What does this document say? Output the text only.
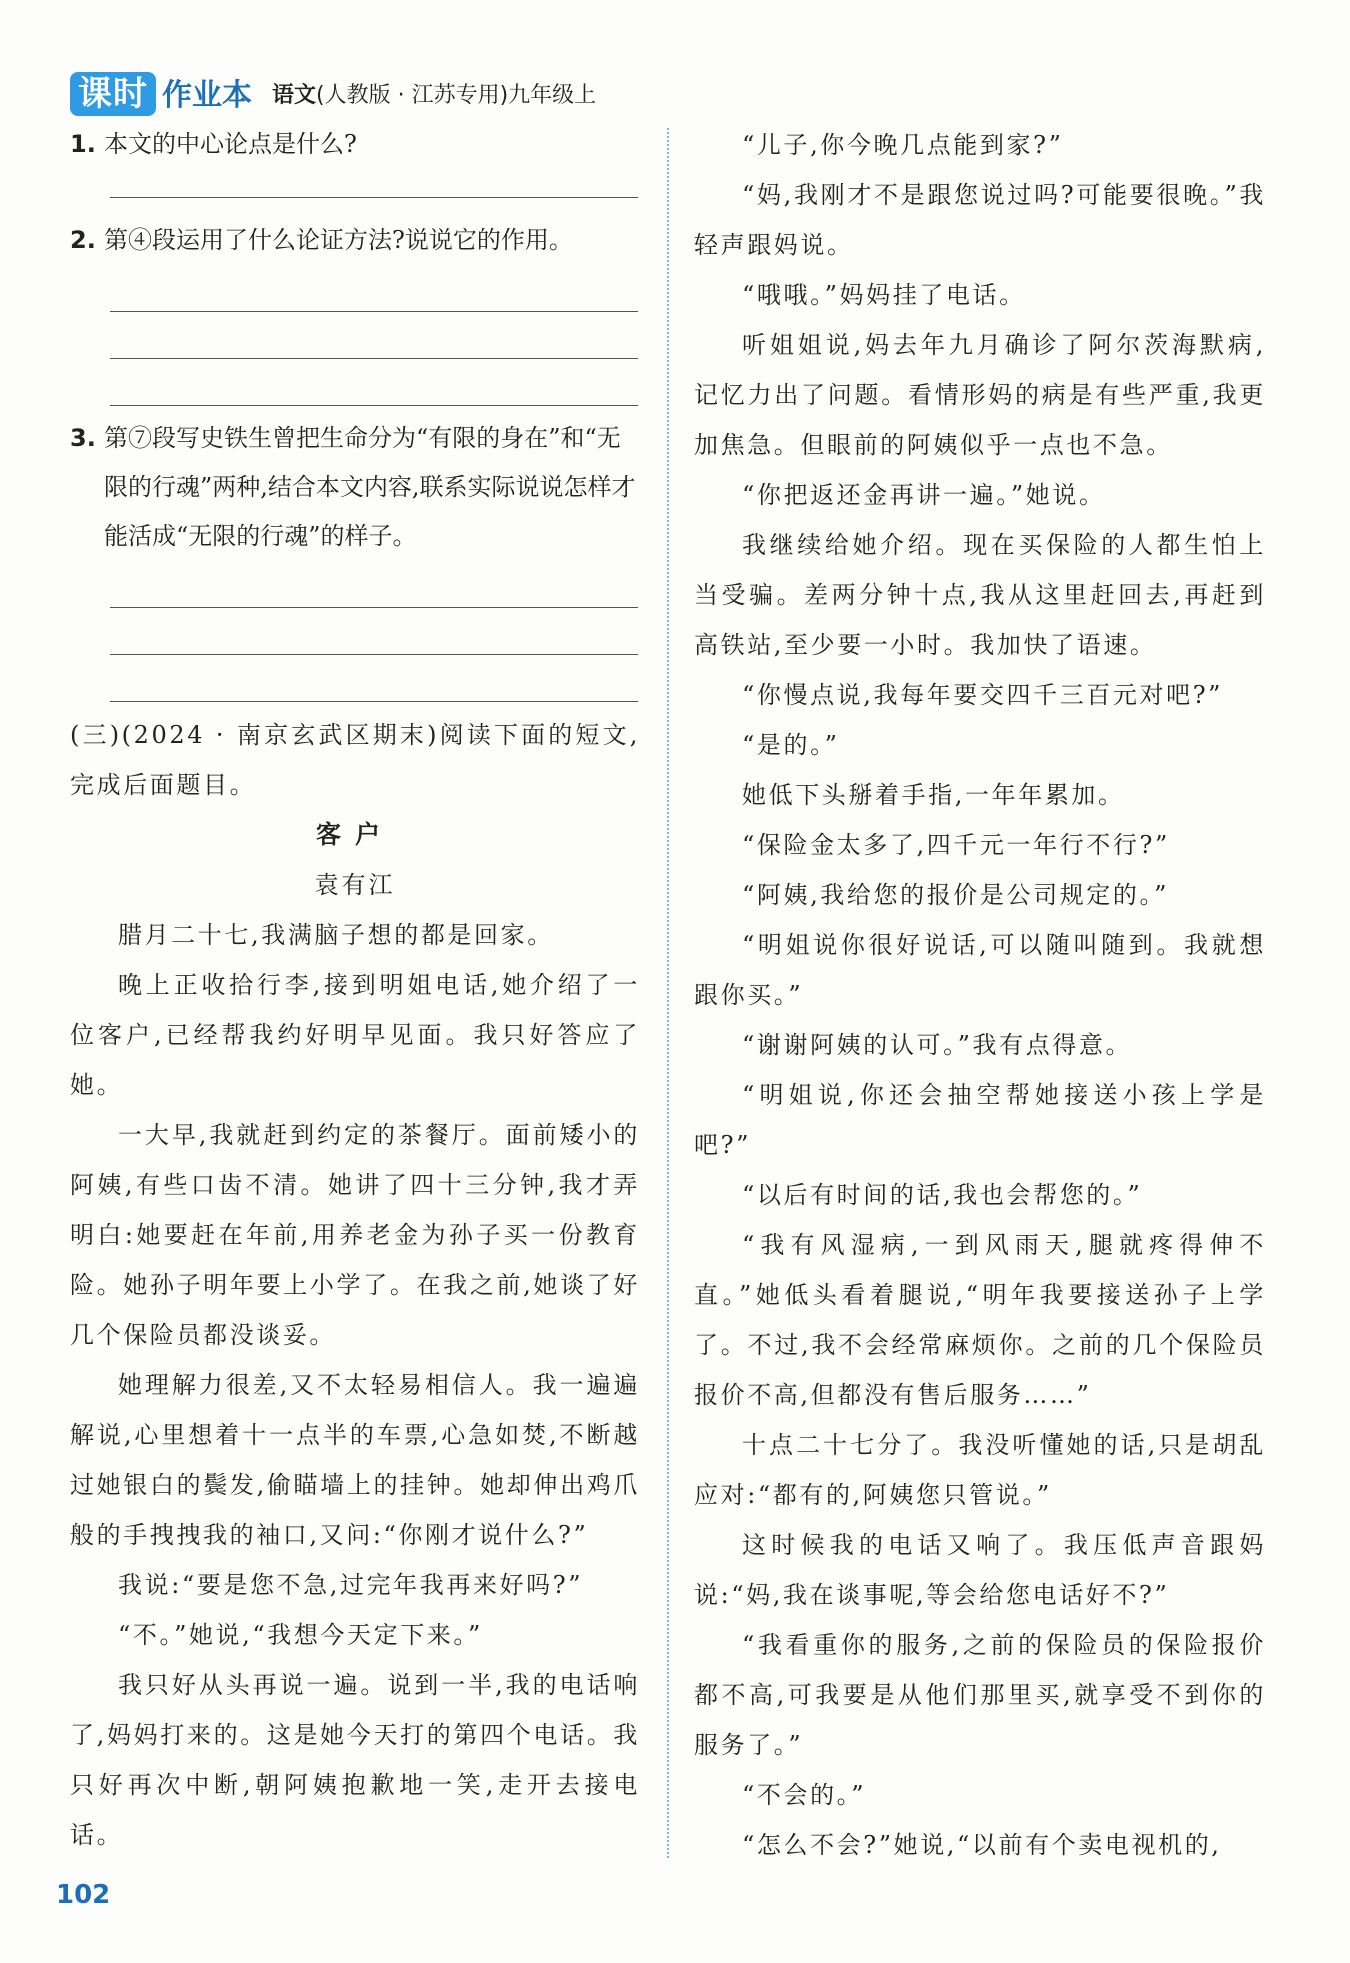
课时 作业本 语文(人教版 · 江苏专用)九年级上
1. 本文的中心论点是什么?
2. 第④段运用了什么论证方法?说说它的作用。
3. 第⑦段写史铁生曾把生命分为“有限的身在”和“无限的行魂”两种,结合本文内容,联系实际说说怎样才能活成“无限的行魂”的样子。

(三)(2024 · 南京玄武区期末)阅读下面的短文,完成后面题目。

客户
袁有江

腊月二十七,我满脑子想的都是回家。

晚上正收拾行李,接到明姐电话,她介绍了一位客户,已经帮我约好明早见面。我只好答应了她。

一大早,我就赶到约定的茶餐厅。面前矮小的阿姨,有些口齿不清。她讲了四十三分钟,我才弄明白:她要赶在年前,用养老金为孙子买一份教育险。她孙子明年要上小学了。在我之前,她谈了好几个保险员都没谈妥。

她理解力很差,又不太轻易相信人。我一遍遍解说,心里想着十一点半的车票,心急如焚,不断越过她银白的鬓发,偷瞄墙上的挂钟。她却伸出鸡爪般的手拽拽我的袖口,又问:“你刚才说什么?”

我说:“要是您不急,过完年我再来好吗?”

“不。”她说,“我想今天定下来。”

我只好从头再说一遍。说到一半,我的电话响了,妈妈打来的。这是她今天打的第四个电话。我只好再次中断,朝阿姨抱歉地一笑,走开去接电话。

“儿子,你今晚几点能到家?”

“妈,我刚才不是跟您说过吗?可能要很晚。”我轻声跟妈说。

“哦哦。”妈妈挂了电话。

听姐姐说,妈去年九月确诊了阿尔茨海默病,记忆力出了问题。看情形妈的病是有些严重,我更加焦急。但眼前的阿姨似乎一点也不急。

“你把返还金再讲一遍。”她说。

我继续给她介绍。现在买保险的人都生怕上当受骗。差两分钟十点,我从这里赶回去,再赶到高铁站,至少要一小时。我加快了语速。

“你慢点说,我每年要交四千三百元对吧?”

“是的。”

她低下头掰着手指,一年年累加。

“保险金太多了,四千元一年行不行?”

“阿姨,我给您的报价是公司规定的。”

“明姐说你很好说话,可以随叫随到。我就想跟你买。”

“谢谢阿姨的认可。”我有点得意。

“明姐说,你还会抽空帮她接送小孩上学是吧?”

“以后有时间的话,我也会帮您的。”

“我有风湿病,一到风雨天,腿就疼得伸不直。”她低头看着腿说,“明年我要接送孙子上学了。不过,我不会经常麻烦你。之前的几个保险员报价不高,但都没有售后服务……”

十点二十七分了。我没听懂她的话,只是胡乱应对:“都有的,阿姨您只管说。”

这时候我的电话又响了。我压低声音跟妈说:“妈,我在谈事呢,等会给您电话好不?”

“我看重你的服务,之前的保险员的保险报价都不高,可我要是从他们那里买,就享受不到你的服务了。”

“不会的。”

“怎么不会?”她说,“以前有个卖电视机的,

102
